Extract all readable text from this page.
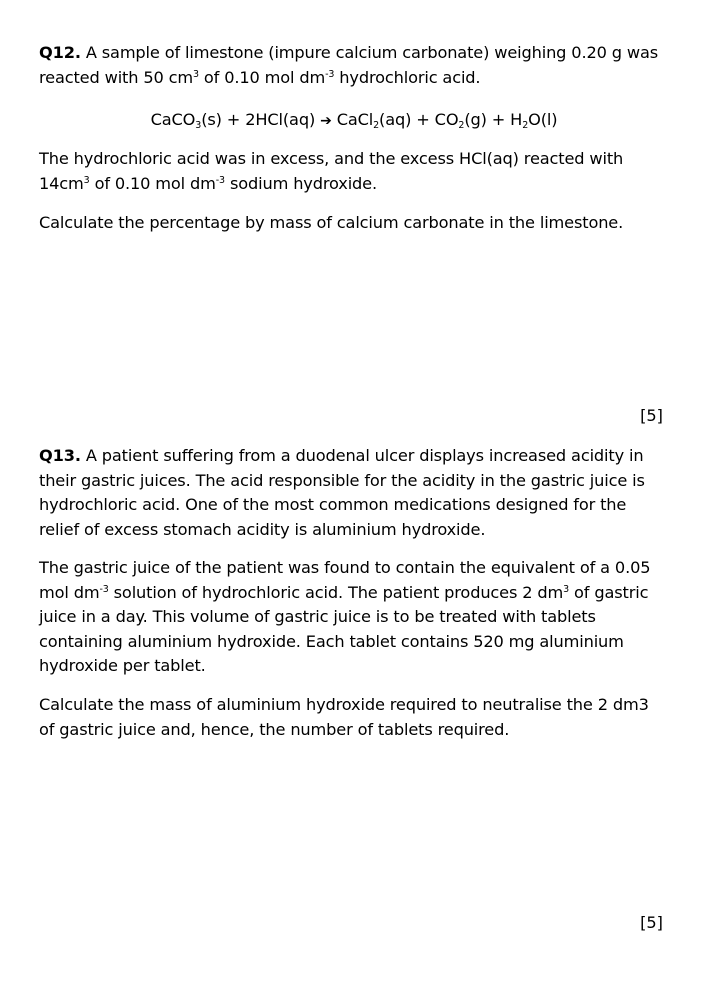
Q12. A sample of limestone (impure calcium carbonate) weighing 0.20 g was reacted with 50 $cm^3$ of 0.10 mol $dm^{-3}$ hydrochloric acid.

CaCO$_3$(s) + 2HCl(aq) ➔ CaCl$_2$(aq) + $CO_2(g) + H_2O(l)$

The hydrochloric acid was in excess, and the excess HCl(aq) reacted with $14cm^3$ of 0.10 mol $dm^{-3}$ sodium hydroxide.

Calculate the percentage by mass of calcium carbonate in the limestone.

[5]

Q13. A patient suffering from a duodenal ulcer displays increased acidity in their gastric juices. The acid responsible for the acidity in the gastric juice is hydrochloric acid. One of the most common medications designed for the relief of excess stomach acidity is aluminium hydroxide.

The gastric juice of the patient was found to contain the equivalent of a 0.05 mol $dm^{-3}$ solution of hydrochloric acid. The patient produces 2 $dm^3$ of gastric juice in a day. This volume of gastric juice is to be treated with tablets containing aluminium hydroxide. Each tablet contains 520 mg aluminium hydroxide per tablet.

Calculate the mass of aluminium hydroxide required to neutralise the 2 dm3 of gastric juice and, hence, the number of tablets required.

[5]
